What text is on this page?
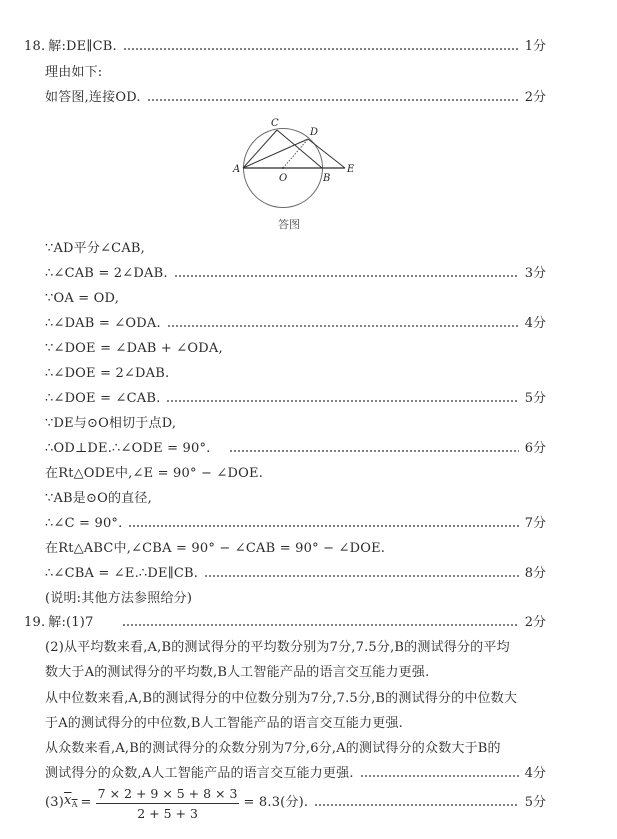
18. 解:DE∥CB.	1分
理由如下:
如答图,连接OD.	2分
C
D
A
O	B
E
答图
∵AD平分∠CAB,
∴∠CAB = 2∠DAB.	3分
∵OA = OD,
∴∠DAB = ∠ODA.	4分
∵∠DOE = ∠DAB + ∠ODA,
∴∠DOE = 2∠DAB.
∴∠DOE = ∠CAB.	5分
∵DE与⊙O相切于点D,
∴OD⊥DE.∴∠ODE = 90°.	6分
在Rt△ODE中,∠E = 90° − ∠DOE.
∵AB是⊙O的直径,
∴∠C = 90°.	7分
在Rt△ABC中,∠CBA = 90° − ∠CAB = 90° − ∠DOE.
∴∠CBA = ∠E.∴DE∥CB.	8分
(说明:其他方法参照给分)
19. 解:(1)7	2分
(2)从平均数来看,A,B的测试得分的平均数分别为7分,7.5分,B的测试得分的平均
数大于A的测试得分的平均数,B人工智能产品的语言交互能力更强.
从中位数来看,A,B的测试得分的中位数分别为7分,7.5分,B的测试得分的中位数大
于A的测试得分的中位数,B人工智能产品的语言交互能力更强.
从众数来看,A,B的测试得分的众数分别为7分,6分,A的测试得分的众数大于B的
测试得分的众数,A人工智能产品的语言交互能力更强.	4分
(3) $x_A = \frac{7 \times 2 + 9 \times 5 + 8 \times 3}{2 + 5 + 3} = 8.3$(分).	5分
